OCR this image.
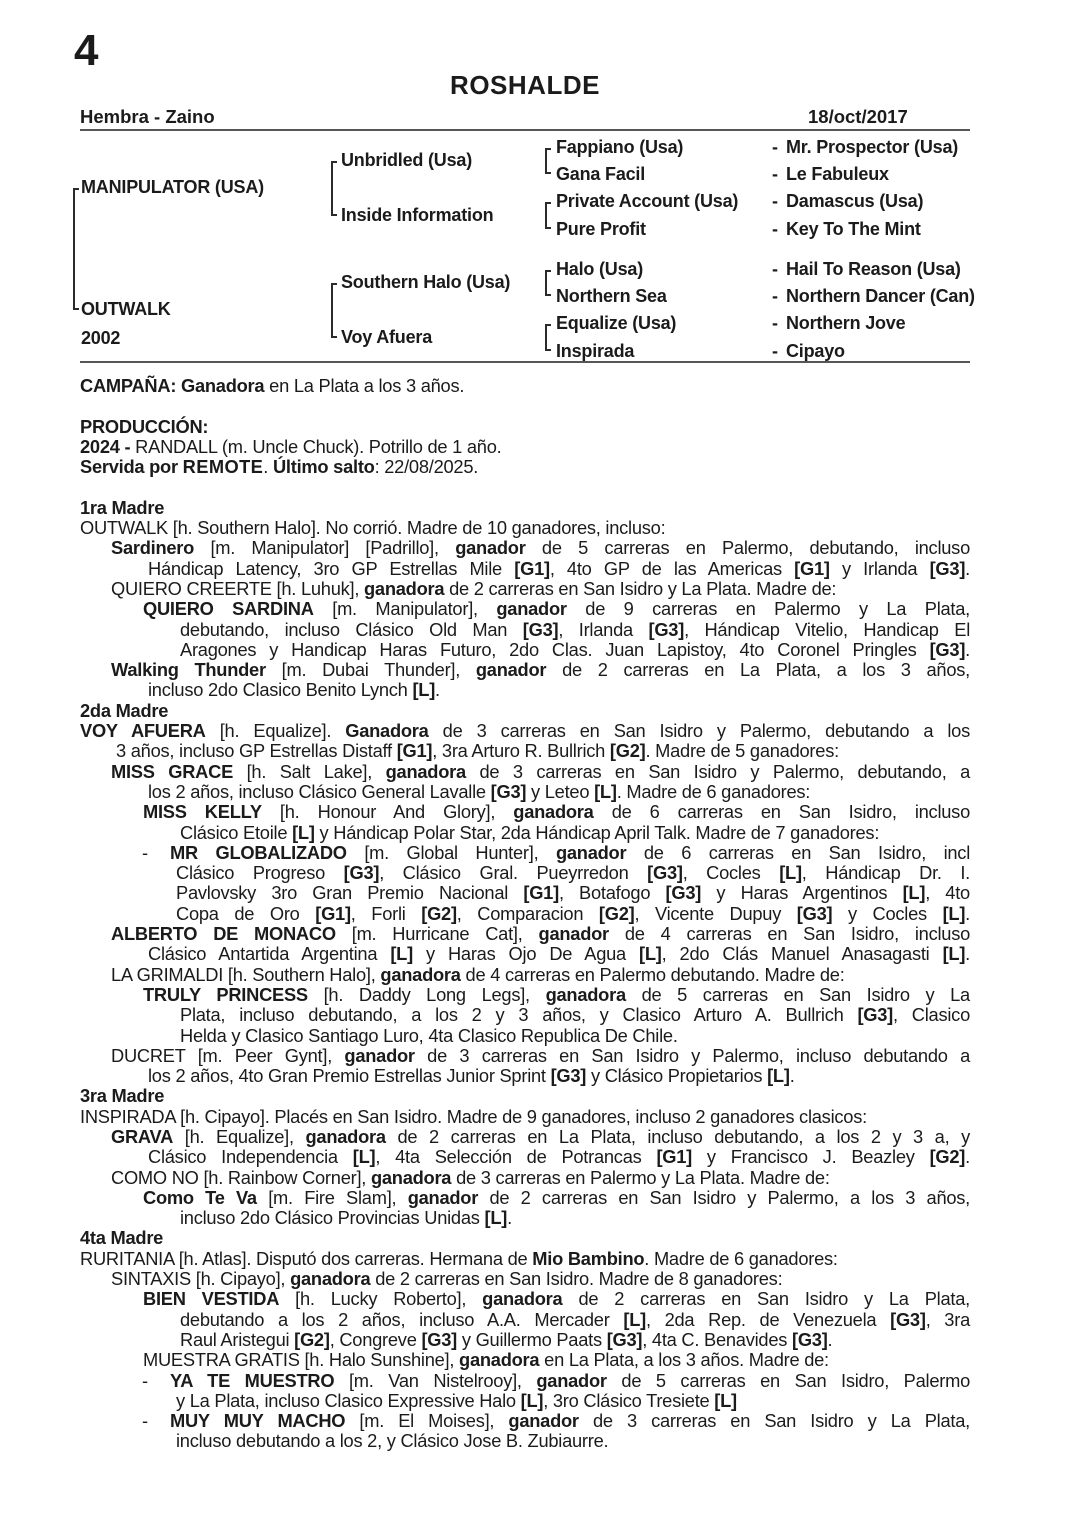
4
ROSHALDE
Hembra - Zaino	18/oct/2017
MANIPULATOR (USA)
OUTWALK
2002
Unbridled (Usa)
Inside Information
Southern Halo (Usa)
Voy Afuera
Fappiano (Usa)
Gana Facil
Private Account (Usa)
Pure Profit
Halo (Usa)
Northern Sea
Equalize (Usa)
Inspirada
- Mr. Prospector (Usa)
- Le Fabuleux
- Damascus (Usa)
- Key To The Mint
- Hail To Reason (Usa)
- Northern Dancer (Can)
- Northern Jove
- Cipayo
CAMPAÑA: Ganadora en La Plata a los 3 años.

PRODUCCIÓN:
2024 - RANDALL (m. Uncle Chuck). Potrillo de 1 año.
Servida por REMOTE. Último salto: 22/08/2025.

1ra Madre
OUTWALK [h. Southern Halo]. No corrió. Madre de 10 ganadores, incluso:
Sardinero [m. Manipulator] [Padrillo], ganador de 5 carreras en Palermo, debutando, incluso
Hándicap Latency, 3ro GP Estrellas Mile [G1], 4to GP de las Americas [G1] y Irlanda [G3].
QUIERO CREERTE [h. Luhuk], ganadora de 2 carreras en San Isidro y La Plata. Madre de:
QUIERO SARDINA [m. Manipulator], ganador de 9 carreras en Palermo y La Plata,
debutando, incluso Clásico Old Man [G3], Irlanda [G3], Hándicap Vitelio, Handicap El
Aragones y Handicap Haras Futuro, 2do Clas. Juan Lapistoy, 4to Coronel Pringles [G3].
Walking Thunder [m. Dubai Thunder], ganador de 2 carreras en La Plata, a los 3 años,
incluso 2do Clasico Benito Lynch [L].
2da Madre
VOY AFUERA [h. Equalize]. Ganadora de 3 carreras en San Isidro y Palermo, debutando a los
3 años, incluso GP Estrellas Distaff [G1], 3ra Arturo R. Bullrich [G2]. Madre de 5 ganadores:
MISS GRACE [h. Salt Lake], ganadora de 3 carreras en San Isidro y Palermo, debutando, a
los 2 años, incluso Clásico General Lavalle [G3] y Leteo [L]. Madre de 6 ganadores:
MISS KELLY [h. Honour And Glory], ganadora de 6 carreras en San Isidro, incluso
Clásico Etoile [L] y Hándicap Polar Star, 2da Hándicap April Talk. Madre de 7 ganadores:
- MR GLOBALIZADO [m. Global Hunter], ganador de 6 carreras en San Isidro, incl
Clásico Progreso [G3], Clásico Gral. Pueyrredon [G3], Cocles [L], Hándicap Dr. I.
Pavlovsky 3ro Gran Premio Nacional [G1], Botafogo [G3] y Haras Argentinos [L], 4to
Copa de Oro [G1], Forli [G2], Comparacion [G2], Vicente Dupuy [G3] y Cocles [L].
ALBERTO DE MONACO [m. Hurricane Cat], ganador de 4 carreras en San Isidro, incluso
Clásico Antartida Argentina [L] y Haras Ojo De Agua [L], 2do Clás Manuel Anasagasti [L].
LA GRIMALDI [h. Southern Halo], ganadora de 4 carreras en Palermo debutando. Madre de:
TRULY PRINCESS [h. Daddy Long Legs], ganadora de 5 carreras en San Isidro y La
Plata, incluso debutando, a los 2 y 3 años, y Clasico Arturo A. Bullrich [G3], Clasico
Helda y Clasico Santiago Luro, 4ta Clasico Republica De Chile.
DUCRET [m. Peer Gynt], ganador de 3 carreras en San Isidro y Palermo, incluso debutando a
los 2 años, 4to Gran Premio Estrellas Junior Sprint [G3] y Clásico Propietarios [L].
3ra Madre
INSPIRADA [h. Cipayo]. Placés en San Isidro. Madre de 9 ganadores, incluso 2 ganadores clasicos:
GRAVA [h. Equalize], ganadora de 2 carreras en La Plata, incluso debutando, a los 2 y 3 a, y
Clásico Independencia [L], 4ta Selección de Potrancas [G1] y Francisco J. Beazley [G2].
COMO NO [h. Rainbow Corner], ganadora de 3 carreras en Palermo y La Plata. Madre de:
Como Te Va [m. Fire Slam], ganador de 2 carreras en San Isidro y Palermo, a los 3 años,
incluso 2do Clásico Provincias Unidas [L].
4ta Madre
RURITANIA [h. Atlas]. Disputó dos carreras. Hermana de Mio Bambino. Madre de 6 ganadores:
SINTAXIS [h. Cipayo], ganadora de 2 carreras en San Isidro. Madre de 8 ganadores:
BIEN VESTIDA [h. Lucky Roberto], ganadora de 2 carreras en San Isidro y La Plata,
debutando a los 2 años, incluso A.A. Mercader [L], 2da Rep. de Venezuela [G3], 3ra
Raul Aristegui [G2], Congreve [G3] y Guillermo Paats [G3], 4ta C. Benavides [G3].
MUESTRA GRATIS [h. Halo Sunshine], ganadora en La Plata, a los 3 años. Madre de:
- YA TE MUESTRO [m. Van Nistelrooy], ganador de 5 carreras en San Isidro, Palermo
y La Plata, incluso Clasico Expressive Halo [L], 3ro Clásico Tresiete [L]
- MUY MUY MACHO [m. El Moises], ganador de 3 carreras en San Isidro y La Plata,
incluso debutando a los 2, y Clásico Jose B. Zubiaurre.
